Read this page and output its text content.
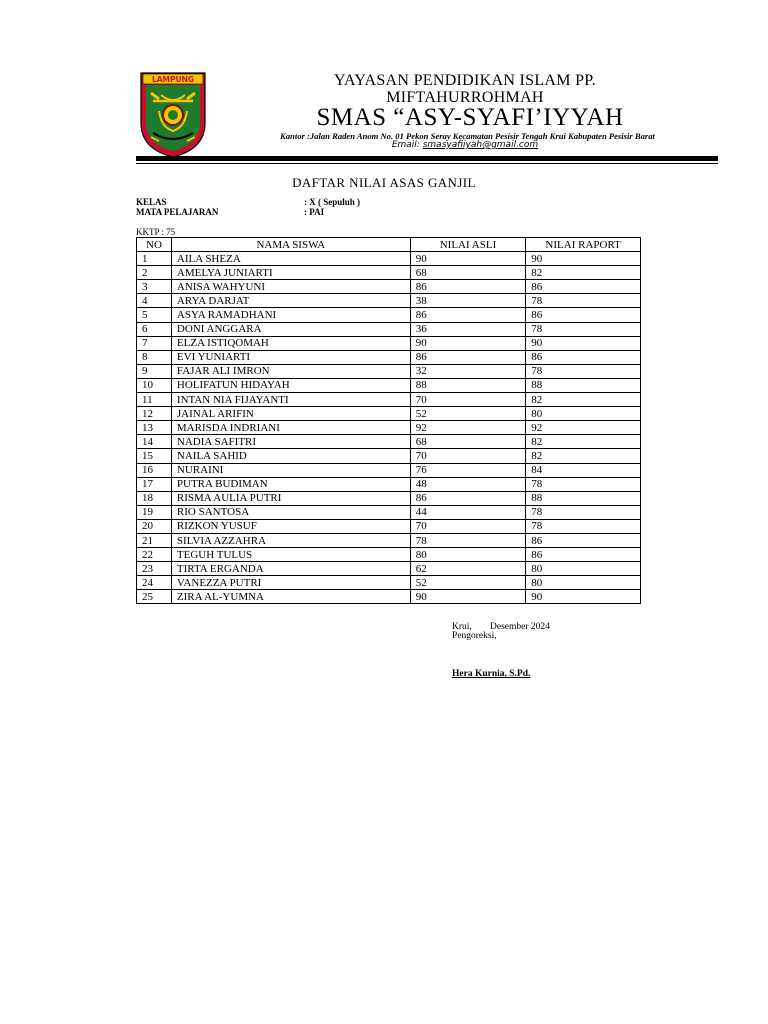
LAMPUNG	YAYASAN PENDIDIKAN ISLAM PP.
MIFTAHURROHMAH
SMAS “ASY-SYAFI’IYYAH
Kantor :Jalan Raden Anom No. 01 Pekon Seray Kecamatan Pesisir Tengah Krui Kabupaten Pesisir Barat
Email: smasyafiiyah@gmail.com
DAFTAR NILAI ASAS GANJIL
KELAS	: X ( Sepuluh )
MATA PELAJARAN	: PAI
KKTP : 75
NO	NAMA SISWA	NILAI ASLI	NILAI RAPORT
1	AILA SHEZA	90	90
2	AMELYA JUNIARTI	68	82
3	ANISA WAHYUNI	86	86
4	ARYA DARJAT	38	78
5	ASYA RAMADHANI	86	86
6	DONI ANGGARA	36	78
7	ELZA ISTIQOMAH	90	90
8	EVI YUNIARTI	86	86
9	FAJAR ALI IMRON	32	78
10	HOLIFATUN HIDAYAH	88	88
11	INTAN NIA FIJAYANTI	70	82
12	JAINAL ARIFIN	52	80
13	MARISDA INDRIANI	92	92
14	NADIA SAFITRI	68	82
15	NAILA SAHID	70	82
16	NURAINI	76	84
17	PUTRA BUDIMAN	48	78
18	RISMA AULIA PUTRI	86	88
19	RIO SANTOSA	44	78
20	RIZKON YUSUF	70	78
21	SILVIA AZZAHRA	78	86
22	TEGUH TULUS	80	86
23	TIRTA ERGANDA	62	80
24	VANEZZA PUTRI	52	80
25	ZIRA AL-YUMNA	90	90
Krui, Desember 2024
Pengoreksi,
Hera Kurnia, S.Pd.
